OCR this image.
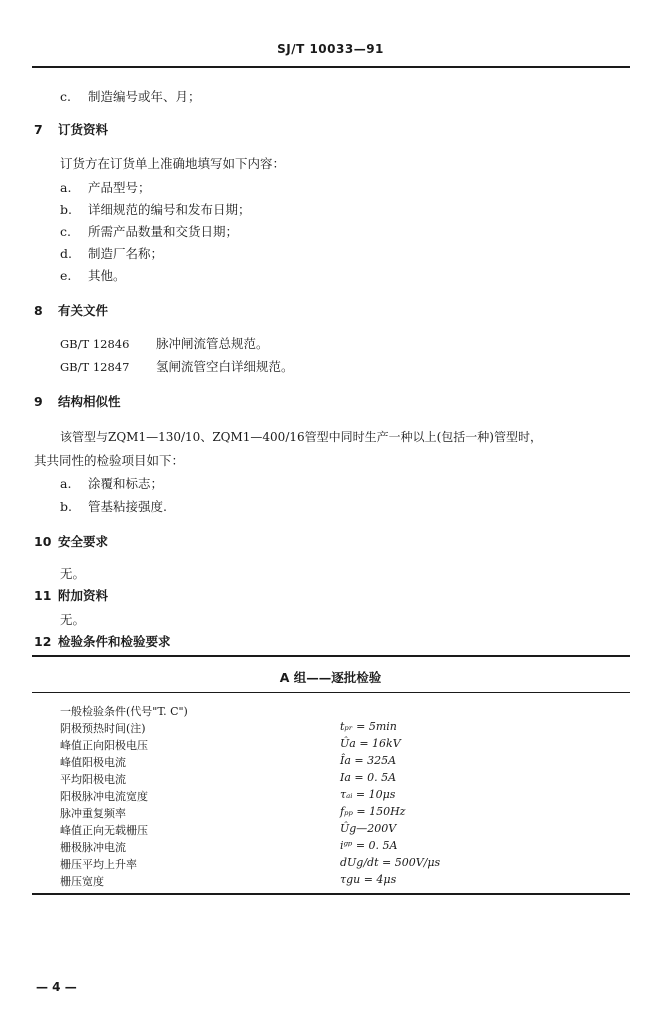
SJ/T 10033—91
c. 制造编号或年、月；
7 订货资料
订货方在订货单上准确地填写如下内容：
a. 产品型号；
b. 详细规范的编号和发布日期；
c. 所需产品数量和交货日期；
d. 制造厂名称；
e. 其他。
8 有关文件
GB/T 12846 脉冲闸流管总规范。
GB/T 12847 氢闸流管空白详细规范。
9 结构相似性
该管型与ZQM1—130/10、ZQM1—400/16管型中同时生产一种以上(包括一种)管型时，
其共同性的检验项目如下：
a. 涂覆和标志；
b. 管基粘接强度.
10 安全要求
无。
11 附加资料
无。
12 检验条件和检验要求
A 组——逐批检验
一般检验条件(代号"T. C")
阴极预热时间(注)	tₚᵣ = 5min
峰值正向阳极电压	Ûa = 16kV
峰值阳极电流	Îa = 325A
平均阳极电流	Ia = 0. 5A
阳极脉冲电流宽度	τₐᵢ = 10μs
脉冲重复频率	fₚₚ = 150Hz
峰值正向无载栅压	Ûg—200V
栅极脉冲电流	iᵍᵖ = 0. 5A
栅压平均上升率	dUg/dt = 500V/μs
栅压宽度	τgu = 4μs
— 4 —
